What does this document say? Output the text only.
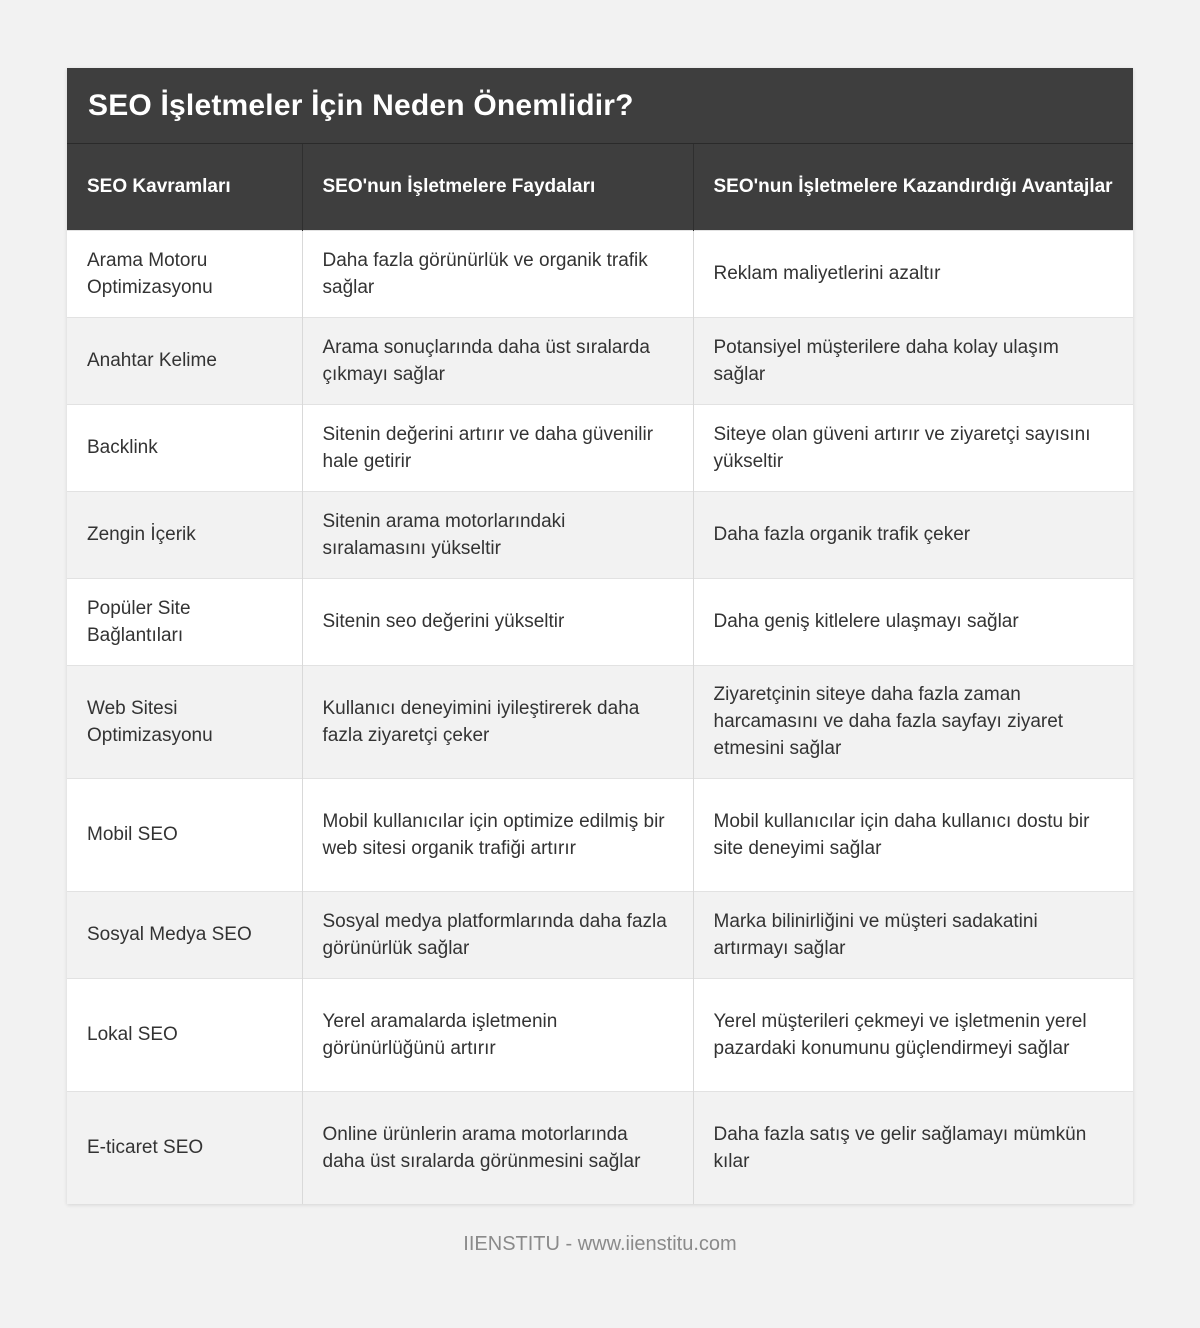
SEO İşletmeler İçin Neden Önemlidir?
SEO Kavramları	SEO'nun İşletmelere Faydaları	SEO'nun İşletmelere Kazandırdığı Avantajlar
Arama Motoru Optimizasyonu	Daha fazla görünürlük ve organik trafik sağlar	Reklam maliyetlerini azaltır
Anahtar Kelime	Arama sonuçlarında daha üst sıralarda çıkmayı sağlar	Potansiyel müşterilere daha kolay ulaşım sağlar
Backlink	Sitenin değerini artırır ve daha güvenilir hale getirir	Siteye olan güveni artırır ve ziyaretçi sayısını yükseltir
Zengin İçerik	Sitenin arama motorlarındaki sıralamasını yükseltir	Daha fazla organik trafik çeker
Popüler Site Bağlantıları	Sitenin seo değerini yükseltir	Daha geniş kitlelere ulaşmayı sağlar
Web Sitesi Optimizasyonu	Kullanıcı deneyimini iyileştirerek daha fazla ziyaretçi çeker	Ziyaretçinin siteye daha fazla zaman harcamasını ve daha fazla sayfayı ziyaret etmesini sağlar
Mobil SEO	Mobil kullanıcılar için optimize edilmiş bir web sitesi organik trafiği artırır	Mobil kullanıcılar için daha kullanıcı dostu bir site deneyimi sağlar
Sosyal Medya SEO	Sosyal medya platformlarında daha fazla görünürlük sağlar	Marka bilinirliğini ve müşteri sadakatini artırmayı sağlar
Lokal SEO	Yerel aramalarda işletmenin görünürlüğünü artırır	Yerel müşterileri çekmeyi ve işletmenin yerel pazardaki konumunu güçlendirmeyi sağlar
E-ticaret SEO	Online ürünlerin arama motorlarında daha üst sıralarda görünmesini sağlar	Daha fazla satış ve gelir sağlamayı mümkün kılar
IIENSTITU - www.iienstitu.com
